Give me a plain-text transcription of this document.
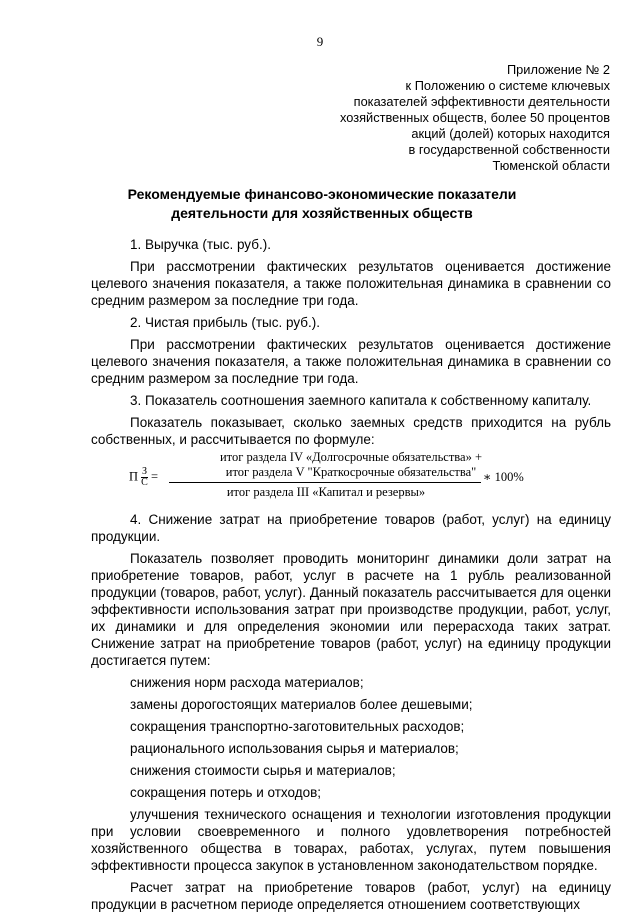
9
Приложение № 2
к Положению о системе ключевых
показателей эффективности деятельности
хозяйственных обществ, более 50 процентов
акций (долей) которых находится
в государственной собственности
Тюменской области
Рекомендуемые финансово-экономические показатели
деятельности для хозяйственных обществ

1. Выручка (тыс. руб.).

При рассмотрении фактических результатов оценивается достижение целевого значения показателя, а также положительная динамика в сравнении со средним размером за последние три года.

2. Чистая прибыль (тыс. руб.).

При рассмотрении фактических результатов оценивается достижение целевого значения показателя, а также положительная динамика в сравнении со средним размером за последние три года.

3. Показатель соотношения заемного капитала к собственному капиталу.

Показатель показывает, сколько заемных средств приходится на рубль собственных, и рассчитывается по формуле:

П $\frac{З}{С}$ =
итог раздела IV «Долгосрочные обязательства» +
итог раздела V "Краткосрочные обязательства"
итог раздела III «Капитал и резервы»
∗ 100%

4. Снижение затрат на приобретение товаров (работ, услуг) на единицу продукции.

Показатель позволяет проводить мониторинг динамики доли затрат на приобретение товаров, работ, услуг в расчете на 1 рубль реализованной продукции (товаров, работ, услуг). Данный показатель рассчитывается для оценки эффективности использования затрат при производстве продукции, работ, услуг, их динамики и для определения экономии или перерасхода таких затрат. Снижение затрат на приобретение товаров (работ, услуг) на единицу продукции достигается путем:

снижения норм расхода материалов;
замены дорогостоящих материалов более дешевыми;
сокращения транспортно-заготовительных расходов;
рационального использования сырья и материалов;
снижения стоимости сырья и материалов;
сокращения потерь и отходов;

улучшения технического оснащения и технологии изготовления продукции при условии своевременного и полного удовлетворения потребностей хозяйственного общества в товарах, работах, услугах, путем повышения эффективности процесса закупок в установленном законодательством порядке.

Расчет затрат на приобретение товаров (работ, услуг) на единицу продукции в расчетном периоде определяется отношением соответствующих
